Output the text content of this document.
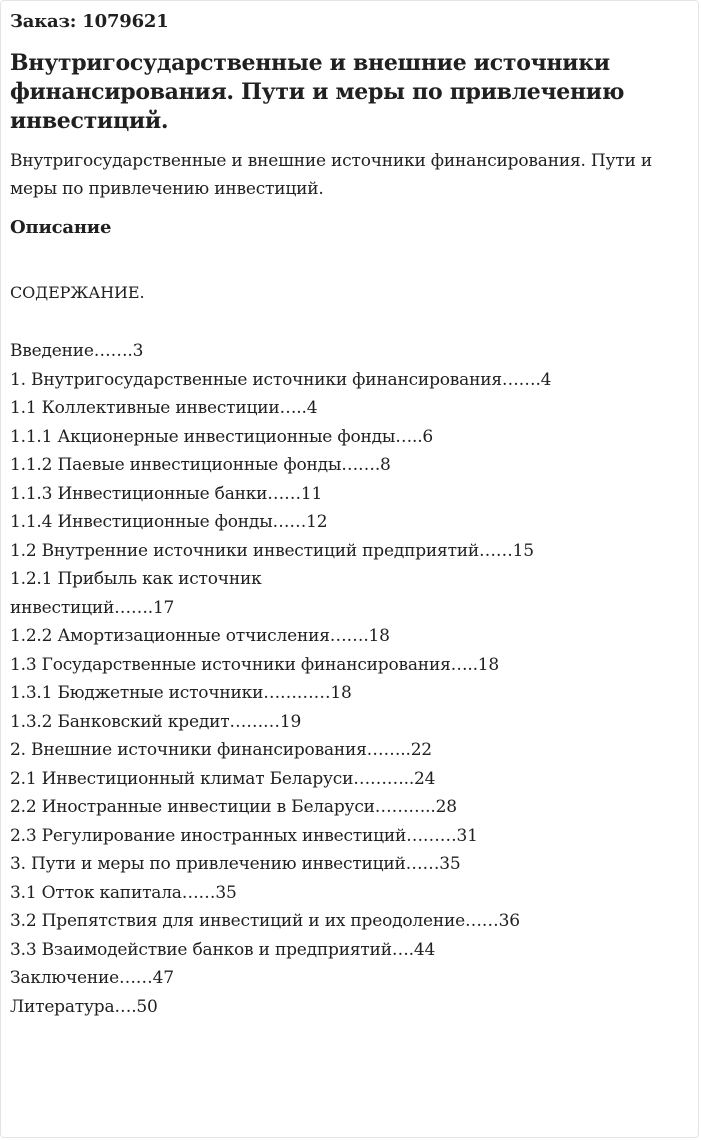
Заказ: 1079621
Внутригосударственные и внешние источники финансирования. Пути и меры по привлечению инвестиций.

Внутригосударственные и внешние источники финансирования. Пути и меры по привлечению инвестиций.

Описание
СОДЕРЖАНИЕ.
Введение…….3
1. Внутригосударственные источники финансирования…….4
1.1 Коллективные инвестиции…..4
1.1.1 Акционерные инвестиционные фонды…..6
1.1.2 Паевые инвестиционные фонды…….8
1.1.3 Инвестиционные банки……11
1.1.4 Инвестиционные фонды……12
1.2 Внутренние источники инвестиций предприятий……15
1.2.1 Прибыль как источник
инвестиций…….17
1.2.2 Амортизационные отчисления…….18
1.3 Государственные источники финансирования…..18
1.3.1 Бюджетные источники…………18
1.3.2 Банковский кредит………19
2. Внешние источники финансирования……..22
2.1 Инвестиционный климат Беларуси………..24
2.2 Иностранные инвестиции в Беларуси………..28
2.3 Регулирование иностранных инвестиций………31
3. Пути и меры по привлечению инвестиций……35
3.1 Отток капитала……35
3.2 Препятствия для инвестиций и их преодоление……36
3.3 Взаимодействие банков и предприятий….44
Заключение……47
Литература….50
